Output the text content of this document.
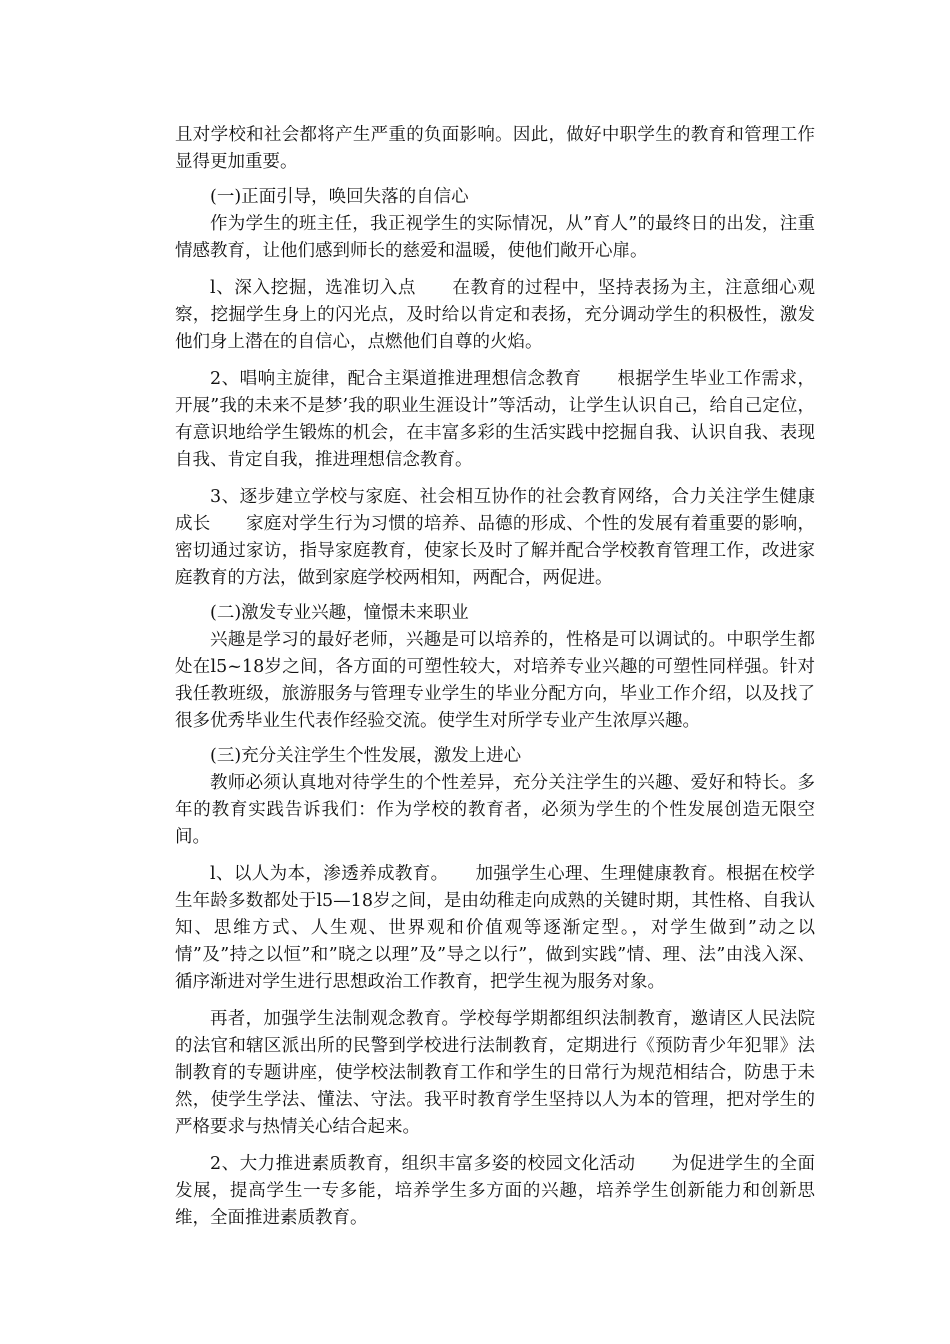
且对学校和社会都将产生严重的负面影响。因此，做好中职学生的教育和管理工作显得更加重要。

(一)正面引导，唤回失落的自信心

作为学生的班主任，我正视学生的实际情况，从”育人”的最终日的出发，注重情感教育，让他们感到师长的慈爱和温暖，使他们敞开心扉。

l、深入挖掘，选准切入点　　在教育的过程中，坚持表扬为主，注意细心观察，挖掘学生身上的闪光点，及时给以肯定和表扬，充分调动学生的积极性，激发他们身上潜在的自信心，点燃他们自尊的火焰。

2、唱响主旋律，配合主渠道推进理想信念教育　　根据学生毕业工作需求，开展”我的未来不是梦’我的职业生涯设计”等活动，让学生认识自己，给自己定位，有意识地给学生锻炼的机会，在丰富多彩的生活实践中挖掘自我、认识自我、表现自我、肯定自我，推进理想信念教育。

3、逐步建立学校与家庭、社会相互协作的社会教育网络，合力关注学生健康成长　　家庭对学生行为习惯的培养、品德的形成、个性的发展有着重要的影响，密切通过家访，指导家庭教育，使家长及时了解并配合学校教育管理工作，改进家庭教育的方法，做到家庭学校两相知，两配合，两促进。

(二)激发专业兴趣，憧憬未来职业

兴趣是学习的最好老师，兴趣是可以培养的，性格是可以调试的。中职学生都处在l5~18岁之间，各方面的可塑性较大，对培养专业兴趣的可塑性同样强。针对我任教班级，旅游服务与管理专业学生的毕业分配方向，毕业工作介绍，以及找了很多优秀毕业生代表作经验交流。使学生对所学专业产生浓厚兴趣。

(三)充分关注学生个性发展，激发上进心

教师必须认真地对待学生的个性差异，充分关注学生的兴趣、爱好和特长。多年的教育实践告诉我们：作为学校的教育者，必须为学生的个性发展创造无限空间。

l、以人为本，渗透养成教育。　　加强学生心理、生理健康教育。根据在校学生年龄多数都处于l5—18岁之间，是由幼稚走向成熟的关键时期，其性格、自我认知、思维方式、人生观、世界观和价值观等逐渐定型。，对学生做到”动之以情”及”持之以恒”和”晓之以理”及”导之以行”，做到实践”情、理、法”由浅入深、循序渐进对学生进行思想政治工作教育，把学生视为服务对象。

再者，加强学生法制观念教育。学校每学期都组织法制教育，邀请区人民法院的法官和辖区派出所的民警到学校进行法制教育，定期进行《预防青少年犯罪》法制教育的专题讲座，使学校法制教育工作和学生的日常行为规范相结合，防患于未然，使学生学法、懂法、守法。我平时教育学生坚持以人为本的管理，把对学生的严格要求与热情关心结合起来。

2、大力推进素质教育，组织丰富多姿的校园文化活动　　为促进学生的全面发展，提高学生一专多能，培养学生多方面的兴趣，培养学生创新能力和创新思维，全面推进素质教育。
